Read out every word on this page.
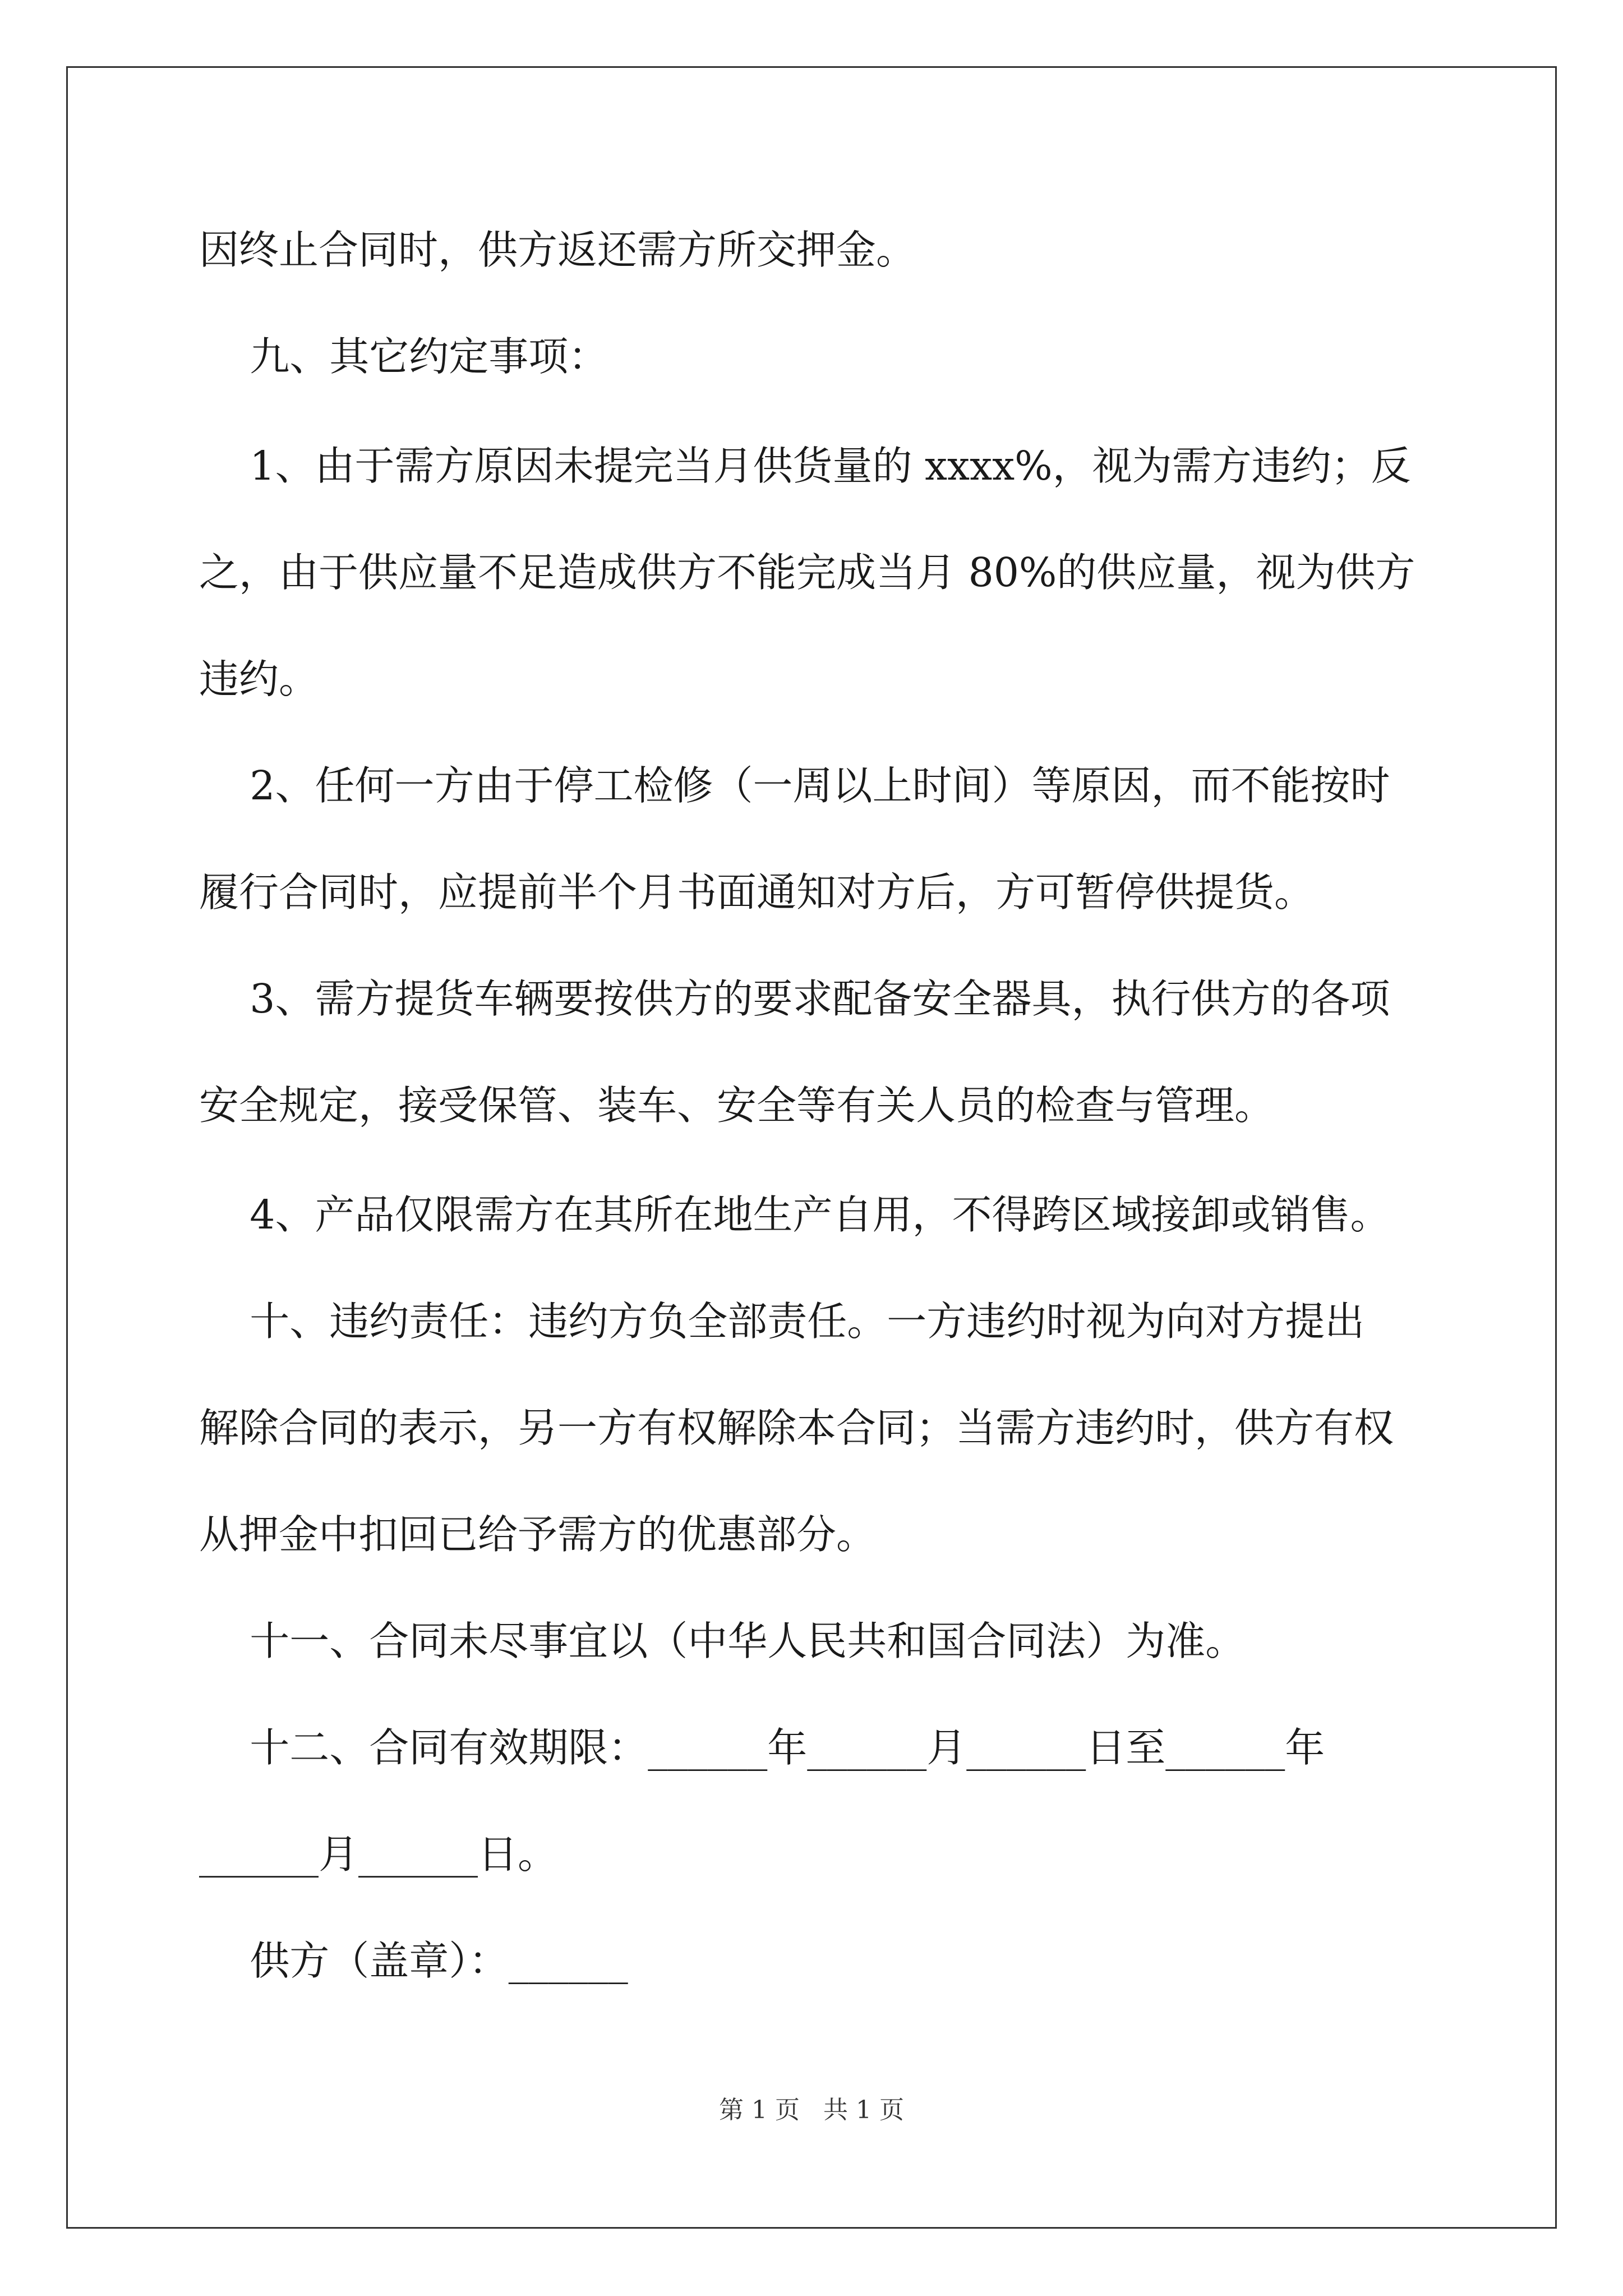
因终止合同时，供方返还需方所交押金。
九、其它约定事项：
1、由于需方原因未提完当月供货量的 xxxx%，视为需方违约；反
之，由于供应量不足造成供方不能完成当月 80%的供应量，视为供方
违约。
2、任何一方由于停工检修（一周以上时间）等原因，而不能按时
履行合同时，应提前半个月书面通知对方后，方可暂停供提货。
3、需方提货车辆要按供方的要求配备安全器具，执行供方的各项
安全规定，接受保管、装车、安全等有关人员的检查与管理。
4、产品仅限需方在其所在地生产自用，不得跨区域接卸或销售。
十、违约责任：违约方负全部责任。一方违约时视为向对方提出
解除合同的表示，另一方有权解除本合同；当需方违约时，供方有权
从押金中扣回已给予需方的优惠部分。
十一、合同未尽事宜以（中华人民共和国合同法）为准。
十二、合同有效期限：______年______月______日至______年
______月______日。
供方（盖章）：______
第 1 页   共 1 页
